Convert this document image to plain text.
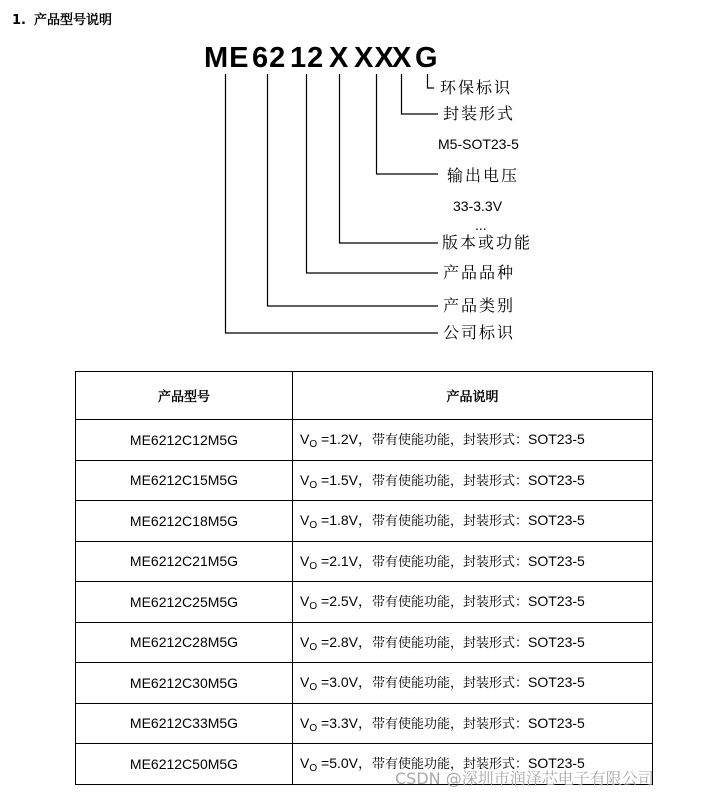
1. 产品型号说明
ME 62 12 X XX
X G
环保标识
封装形式
M5-SOT23-5
输出电压
33-3.3V
...
版本或功能
产品品种
产品类别
公司标识
产品型号	产品说明
ME6212C12M5G	$V_O =1.2V$，带有使能功能，封装形式：SOT23-5
ME6212C15M5G	$V_O =1.5V$，带有使能功能，封装形式：SOT23-5
ME6212C18M5G	$V_O =1.8V$，带有使能功能，封装形式：SOT23-5
ME6212C21M5G	$V_O =2.1V$，带有使能功能，封装形式：SOT23-5
ME6212C25M5G	$V_O =2.5V$，带有使能功能，封装形式：SOT23-5
ME6212C28M5G	$V_O =2.8V$，带有使能功能，封装形式：SOT23-5
ME6212C30M5G	$V_O =3.0V$，带有使能功能，封装形式：SOT23-5
ME6212C33M5G	$V_O =3.3V$，带有使能功能，封装形式：SOT23-5
ME6212C50M5G	$V_O =5.0V$，带有使能功能，封装形式：SOT23-5
CSDN @深圳市润泽芯电子有限公司
